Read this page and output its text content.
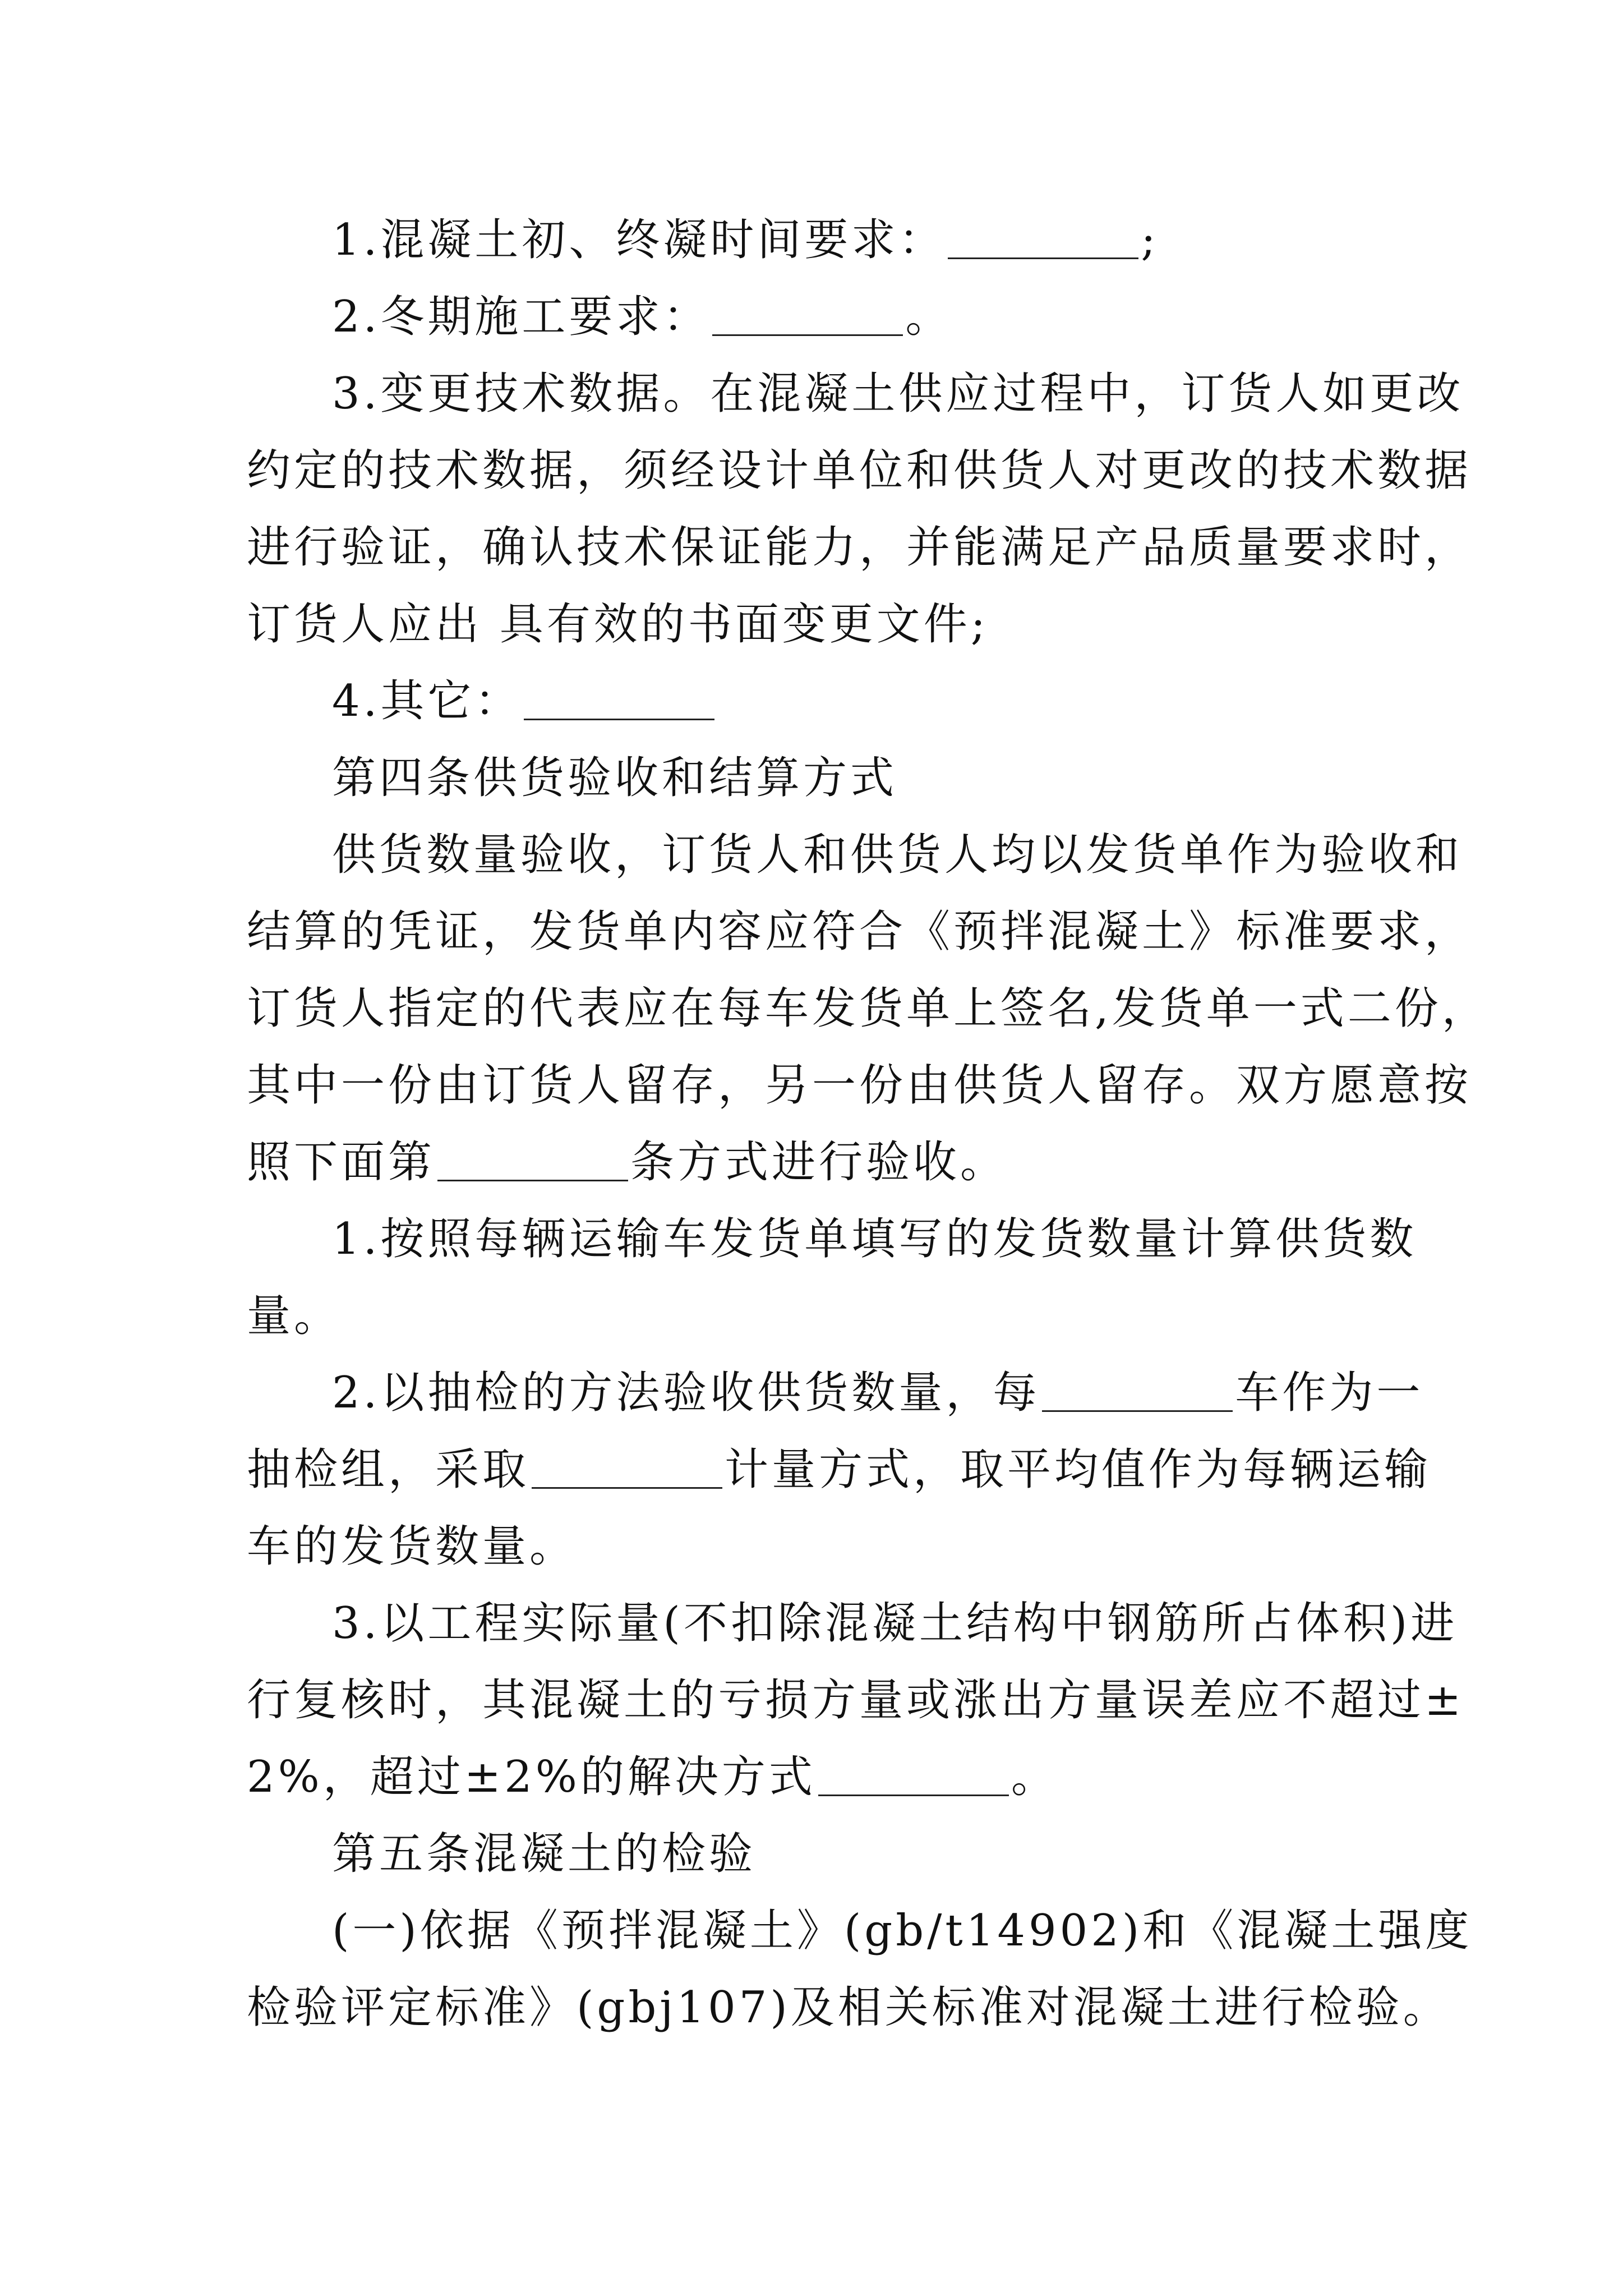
1.混凝土初、终凝时间要求：	;
2.冬期施工要求：	。
3.变更技术数据。在混凝土供应过程中，订货人如更改
约定的技术数据，须经设计单位和供货人对更改的技术数据
进行验证，确认技术保证能力，并能满足产品质量要求时，
订货人应出 具有效的书面变更文件;
4.其它：
第四条供货验收和结算方式
供货数量验收，订货人和供货人均以发货单作为验收和
结算的凭证，发货单内容应符合《预拌混凝土》标准要求，
订货人指定的代表应在每车发货单上签名,发货单一式二份，
其中一份由订货人留存，另一份由供货人留存。双方愿意按
照下面第	条方式进行验收。
1.按照每辆运输车发货单填写的发货数量计算供货数
量。
2.以抽检的方法验收供货数量，每	车作为一
抽检组，采取	计量方式，取平均值作为每辆运输
车的发货数量。
3.以工程实际量(不扣除混凝土结构中钢筋所占体积)进
行复核时，其混凝土的亏损方量或涨出方量误差应不超过±
2%，超过±2%的解决方式	。
第五条混凝土的检验
(一)依据《预拌混凝土》(gb/t14902)和《混凝土强度
检验评定标准》(gbj107)及相关标准对混凝土进行检验。
